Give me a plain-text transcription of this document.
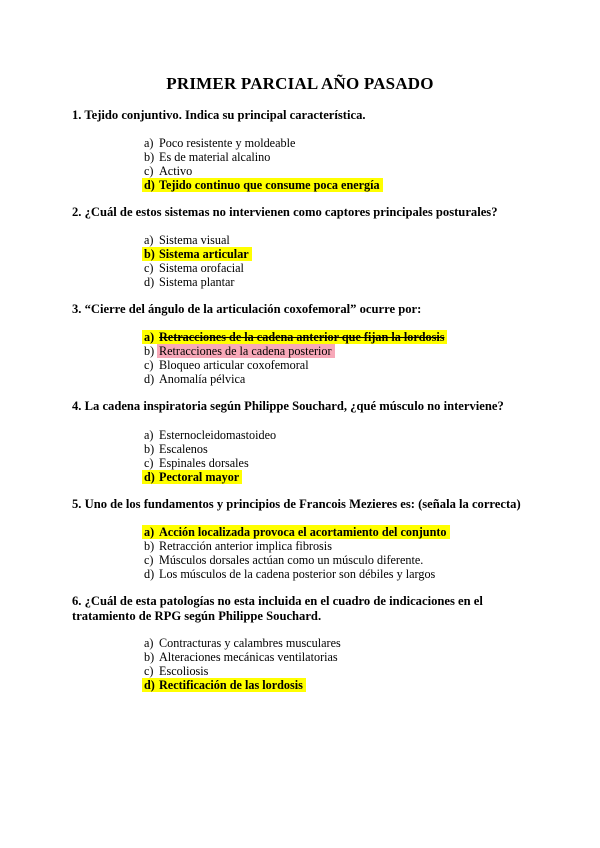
PRIMER PARCIAL AÑO PASADO
1. Tejido conjuntivo. Indica su principal característica.
a) Poco resistente y moldeable
b) Es de material alcalino
c) Activo
d) Tejido continuo que consume poca energía
2. ¿Cuál de estos sistemas no intervienen como captores principales posturales?
a) Sistema visual
b) Sistema articular
c) Sistema orofacial
d) Sistema plantar
3. “Cierre del ángulo de la articulación coxofemoral” ocurre por:
a) Retracciones de la cadena anterior que fijan la lordosis
b) Retracciones de la cadena posterior
c) Bloqueo articular coxofemoral
d) Anomalía pélvica
4. La cadena inspiratoria según Philippe Souchard, ¿qué músculo no interviene?
a) Esternocleidomastoideo
b) Escalenos
c) Espinales dorsales
d) Pectoral mayor
5. Uno de los fundamentos y principios de Francois Mezieres es: (señala la correcta)
a) Acción localizada provoca el acortamiento del conjunto
b) Retracción anterior implica fibrosis
c) Músculos dorsales actúan como un músculo diferente.
d) Los músculos de la cadena posterior son débiles y largos
6. ¿Cuál de esta patologías no esta incluida en el cuadro de indicaciones en el tratamiento de RPG según Philippe Souchard.
a) Contracturas y calambres musculares
b) Alteraciones mecánicas ventilatorias
c) Escoliosis
d) Rectificación de las lordosis
